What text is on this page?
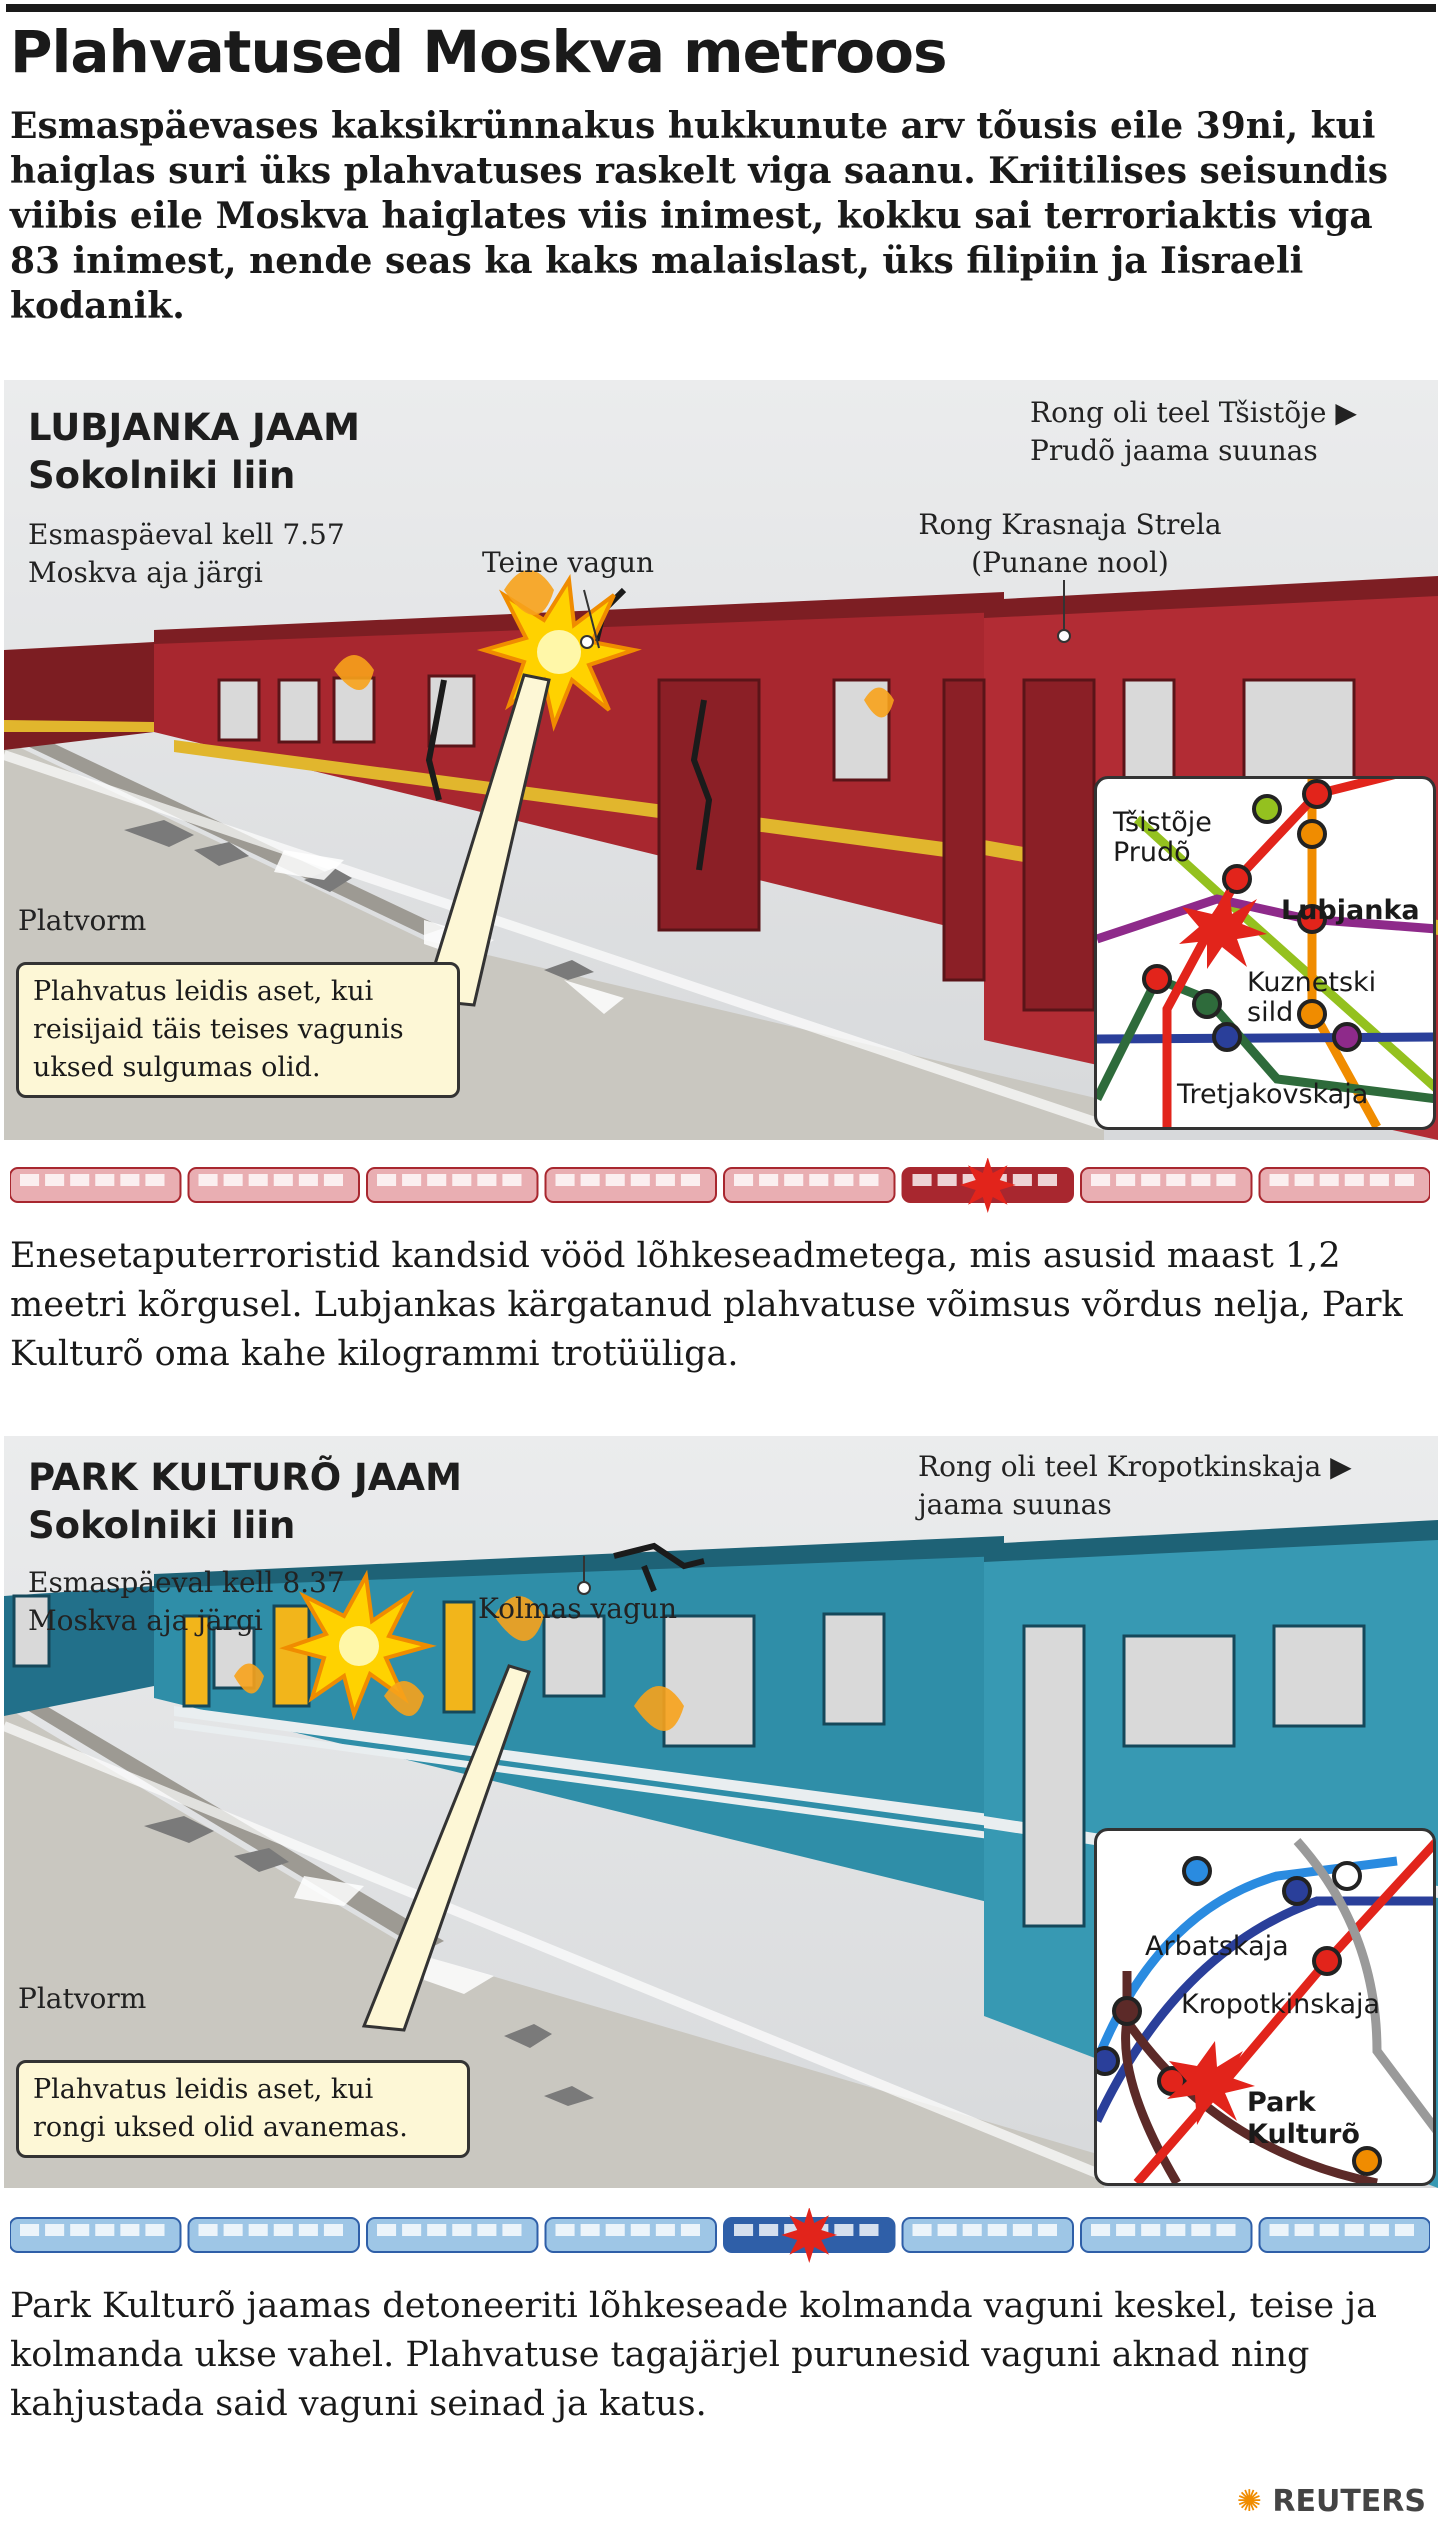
Plahvatused Moskva metroos
Esmaspäevases kaksikrünnakus hukkunute arv tõusis eile 39ni, kui haiglas suri üks plahvatuses raskelt viga saanu. Kriitilises seisundis viibis eile Moskva haiglates viis inimest, kokku sai terroriaktis viga 83 inimest, nende seas ka kaks malaislast, üks filipiin ja Iisraeli kodanik.
LUBJANKA JAAM
Sokolniki liin
Esmaspäeval kell 7.57
Moskva aja järgi
Rong oli teel Tšistõje ▶
Prudõ jaama suunas
Rong Krasnaja Strela
(Punane nool)
Teine vagun
Platvorm
Plahvatus leidis aset, kui reisijaid täis teises vagunis uksed sulgumas olid.
Tšistõje
Prudõ
Lubjanka
Kuznetski
sild
Tretjakovskaja
Enesetaputerroristid kandsid vööd lõhkeseadmetega, mis asusid maast 1,2 meetri kõrgusel. Lubjankas kärgatanud plahvatuse võimsus võrdus nelja, Park Kulturõ oma kahe kilogrammi trotüüliga.
PARK KULTURÕ JAAM
Sokolniki liin
Esmaspäeval kell 8.37
Moskva aja järgi
Rong oli teel Kropotkinskaja ▶
jaama suunas
Kolmas vagun
Platvorm
Plahvatus leidis aset, kui rongi uksed olid avanemas.
Arbatskaja
Kropotkinskaja
Park
Kulturõ
Park Kulturõ jaamas detoneeriti lõhkeseade kolmanda vaguni keskel, teise ja kolmanda ukse vahel. Plahvatuse tagajärjel purunesid vaguni aknad ning kahjustada said vaguni seinad ja katus.
✺ REUTERS
